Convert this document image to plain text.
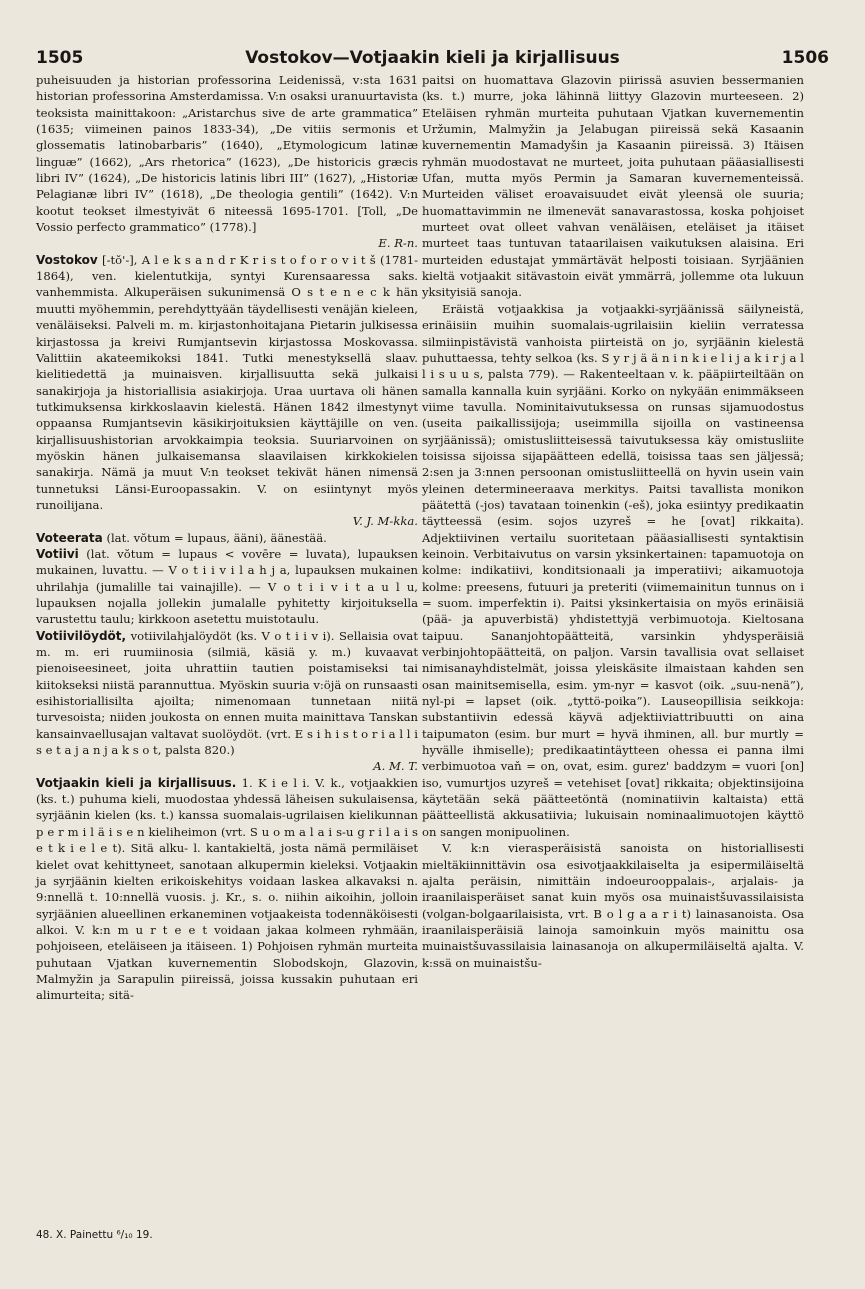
1505	Vostokov—Votjaakin kieli ja kirjallisuus	1506

puheisuuden ja historian professorina Leidenissä, v:sta 1631 historian professorina Amsterdamissa. V:n osaksi uranuurtavista teoksista mainittakoon: „Aristarchus sive de arte grammatica” (1635; viimeinen painos 1833-34), „De vitiis sermonis et glossematis latinobarbaris” (1640), „Etymologicum latinæ linguæ” (1662), „Ars rhetorica” (1623), „De historicis græcis libri IV” (1624), „De historicis latinis libri III” (1627), „Historiæ Pelagianæ libri IV” (1618), „De theologia gentili” (1642). V:n kootut teokset ilmestyivät 6 niteessä 1695-1701. [Toll, „De Vossio perfecto grammatico” (1778).]

E. R-n.

Vostokov [-tŏ'-], A l e k s a n d r K r i s t o f o r o v i t š (1781-1864), ven. kielentutkija, syntyi Kurensaaressa saks. vanhemmista. Alkuperäisen sukunimensä O s t e n e c k hän muutti myöhemmin, perehdyttyään täydellisesti venäjän kieleen, venäläiseksi. Palveli m. m. kirjastonhoitajana Pietarin julkisessa kirjastossa ja kreivi Rumjantsevin kirjastossa Moskovassa. Valittiin akateemikoksi 1841. Tutki menestyksellä slaav. kielitiedettä ja muinaisven. kirjallisuutta sekä julkaisi sanakirjoja ja historiallisia asiakirjoja. Uraa uurtava oli hänen tutkimuksensa kirkkoslaavin kielestä. Hänen 1842 ilmestynyt oppaansa Rumjantsevin käsikirjoituksien käyttäjille on ven. kirjallisuushistorian arvokkaimpia teoksia. Suuriarvoinen on myöskin hänen julkaisemansa slaavilaisen kirkkokielen sanakirja. Nämä ja muut V:n teokset tekivät hänen nimensä tunnetuksi Länsi-Euroopassakin. V. on esiintynyt myös runoilijana.

V. J. M-kka.

Voteerata (lat. vŏtum = lupaus, ääni), äänestää.

Votiivi (lat. vŏtum = lupaus < vovēre = luvata), lupauksen mukainen, luvattu. — V o t i i v i l a h j a, lupauksen mukainen uhrilahja (jumalille tai vainajille). — V o t i i v i t a u l u, lupauksen nojalla jollekin jumalalle pyhitetty kirjoituksella varustettu taulu; kirkkoon asetettu muistotaulu.

Votiivilöydöt, votiivilahjalöydöt (ks. V o t i i v i). Sellaisia ovat m. m. eri ruumiinosia (silmiä, käsiä y. m.) kuvaavat pienoiseesineet, joita uhrattiin tautien poistamiseksi tai kiitokseksi niistä parannuttua. Myöskin suuria v:öjä on runsaasti esihistoriallisilta ajoilta; nimenomaan tunnetaan niitä turvesoista; niiden joukosta on ennen muita mainittava Tanskan kansainvaellusajan valtavat suolöydöt. (vrt. E s i h i s t o r i a l l i s e t a j a n j a k s o t, palsta 820.)

A. M. T.

Votjaakin kieli ja kirjallisuus. 1. K i e l i. V. k., votjaakkien (ks. t.) puhuma kieli, muodostaa yhdessä läheisen sukulaisensa, syrjäänin kielen (ks. t.) kanssa suomalais-ugrilaisen kielikunnan p e r m i l ä i s e n kieliheimon (vrt. S u o m a l a i s-u g r i l a i s e t k i e l e t). Sitä alku- l. kantakieltä, josta nämä permiläiset kielet ovat kehittyneet, sanotaan alkupermin kieleksi. Votjaakin ja syrjäänin kielten erikoiskehitys voidaan laskea alkavaksi n. 9:nnellä t. 10:nnellä vuosis. j. Kr., s. o. niihin aikoihin, jolloin syrjäänien alueellinen erkaneminen votjaakeista todennäköisesti alkoi. V. k:n m u r t e e t voidaan jakaa kolmeen ryhmään, pohjoiseen, eteläiseen ja itäiseen. 1) Pohjoisen ryhmän murteita puhutaan Vjatkan kuvernementin Slobodskojn, Glazovin, Malmyžin ja Sarapulin piireissä, joissa kussakin puhutaan eri alimurteita; sitä-

paitsi on huomattava Glazovin piirissä asuvien bessermanien (ks. t.) murre, joka lähinnä liittyy Glazovin murteeseen. 2) Eteläisen ryhmän murteita puhutaan Vjatkan kuvernementin Uržumin, Malmyžin ja Jelabugan piireissä sekä Kasaanin kuvernementin Mamadyšin ja Kasaanin piireissä. 3) Itäisen ryhmän muodostavat ne murteet, joita puhutaan pääasiallisesti Ufan, mutta myös Permin ja Samaran kuvernementeissä. Murteiden väliset eroavaisuudet eivät yleensä ole suuria; huomattavimmin ne ilmenevät sanavarastossa, koska pohjoiset murteet ovat olleet vahvan venäläisen, eteläiset ja itäiset murteet taas tuntuvan tataarilaisen vaikutuksen alaisina. Eri murteiden edustajat ymmärtävät helposti toisiaan. Syrjäänien kieltä votjaakit sitävastoin eivät ymmärrä, jollemme ota lukuun yksityisiä sanoja.

Eräistä votjaakkisa ja votjaakki-syrjäänissä säilyneistä, erinäisiin muihin suomalais-ugrilaisiin kieliin verratessa silmiinpistävistä vanhoista piirteistä on jo, syrjäänin kielestä puhuttaessa, tehty selkoa (ks. S y r j ä ä n i n k i e l i j a k i r j a l l i s u u s, palsta 779). — Rakenteeltaan v. k. pääpiirteiltään on samalla kannalla kuin syrjääni. Korko on nykyään enimmäkseen viime tavulla. Nominitaivutuksessa on runsas sijamuodostus (useita paikallissijoja; useimmilla sijoilla on vastineensa syrjäänissä); omistusliitteisessä taivutuksessa käy omistusliite toisissa sijoissa sijapäätteen edellä, toisissa taas sen jäljessä; 2:sen ja 3:nnen persoonan omistusliitteellä on hyvin usein vain yleinen determineeraava merkitys. Paitsi tavallista monikon päätettä (-jos) tavataan toinenkin (-eš), joka esiintyy predikaatin täytteessä (esim. sojos uzyreš = he [ovat] rikkaita). Adjektiivinen vertailu suoritetaan pääasiallisesti syntaktisin keinoin. Verbitaivutus on varsin yksinkertainen: tapamuotoja on kolme: indikatiivi, konditsionaali ja imperatiivi; aikamuotoja kolme: preesens, futuuri ja preteriti (viimemainitun tunnus on i = suom. imperfektin i). Paitsi yksinkertaisia on myös erinäisiä (pää- ja apuverbistä) yhdistettyjä verbimuotoja. Kieltosana taipuu. Sananjohtopäätteitä, varsinkin yhdysperäisiä verbinjohtopäätteitä, on paljon. Varsin tavallisia ovat sellaiset nimisanayhdistelmät, joissa yleiskäsite ilmaistaan kahden sen osan mainitsemisella, esim. ym-nyr = kasvot (oik. „suu-nenä”), nyl-pi = lapset (oik. „tyttö-poika”). Lauseopillisia seikkoja: substantiivin edessä käyvä adjektiiviattribuutti on aina taipumaton (esim. bur murt = hyvä ihminen, all. bur murtly = hyvälle ihmiselle); predikaatintäytteen ohessa ei panna ilmi verbimuotoa vaň = on, ovat, esim. gurez' baddzym = vuori [on] iso, vumurtjos uzyreš = vetehiset [ovat] rikkaita; objektinsijoina käytetään sekä päätteetöntä (nominatiivin kaltaista) että päätteellistä akkusatiivia; lukuisain nominaalimuotojen käyttö on sangen monipuolinen.

V. k:n vierasperäisistä sanoista on historiallisesti mieltäkiinnittävin osa esivotjaakkilaiselta ja esipermiläiseltä ajalta peräisin, nimittäin indoeurooppalais-, arjalais- ja iraanilaisperäiset sanat kuin myös osa muinaistšuvassilaisista (volgan-bolgaarilaisista, vrt. B o l g a a r i t) lainasanoista. Osa iraanilaisperäisiä lainoja samoinkuin myös mainittu osa muinaistšuvassilaisia lainasanoja on alkupermiläiseltä ajalta. V. k:ssä on muinaistšu-

48. X. Painettu ⁶/₁₀ 19.
